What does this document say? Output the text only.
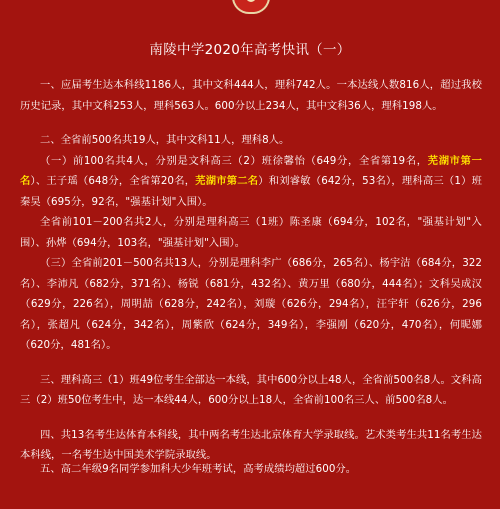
南陵中学2020年高考快讯（一）

一、应届考生达本科线1186人，其中文科444人，理科742人。一本达线人数816人，超过我校历史记录，其中文科253人，理科563人。600分以上234人，其中文科36人，理科198人。

二、全省前500名共19人，其中文科11人，理科8人。

（一）前100名共4人，分别是文科高三（2）班徐馨怡（649分，全省第19名，芜湖市第一名）、王子瑶（648分，全省第20名，芜湖市第二名）和刘睿敏（642分，53名），理科高三（1）班秦昊（695分，92名，"强基计划"入围）。

全省前101－200名共2人，分别是理科高三（1班）陈圣康（694分，102名，"强基计划"入围）、孙烨（694分，103名，"强基计划"入围）。

（三）全省前201－500名共13人，分别是理科李广（686分，265名）、杨宇洁（684分，322名）、李沛凡（682分，371名）、杨锐（681分，432名）、黄万里（680分，444名）；文科吴成汉（629分，226名），周明喆（628分，242名），刘璇（626分，294名），汪宇轩（626分，296名），张超凡（624分，342名），周紫欣（624分，349名），李强刚（620分，470名），何昵娜（620分，481名）。

三、理科高三（1）班49位考生全部达一本线，其中600分以上48人，全省前500名8人。文科高三（2）班50位考生中，达一本线44人，600分以上18人，全省前100名三人、前500名8人。

四、共13名考生达体育本科线，其中两名考生达北京体育大学录取线。艺术类考生共11名考生达本科线，一名考生达中国美术学院录取线。

五、高二年级9名同学参加科大少年班考试，高考成绩均超过600分。
